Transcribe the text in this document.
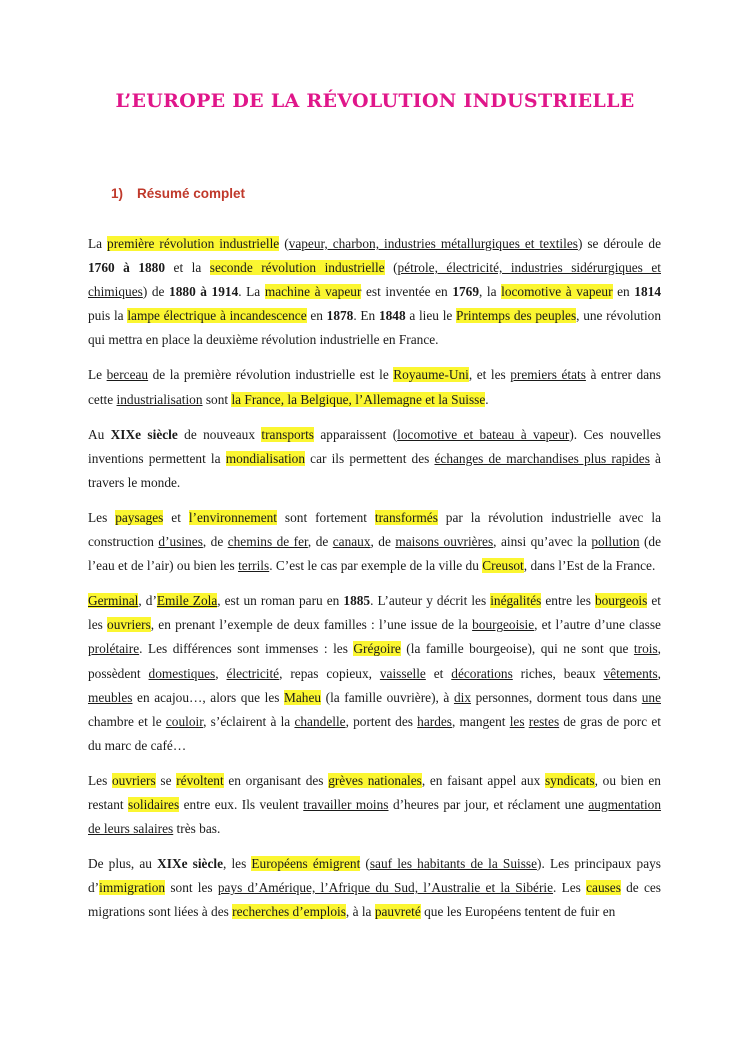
L’EUROPE DE LA RÉVOLUTION INDUSTRIELLE
1) Résumé complet

La première révolution industrielle (vapeur, charbon, industries métallurgiques et textiles) se déroule de 1760 à 1880 et la seconde révolution industrielle (pétrole, électricité, industries sidérurgiques et chimiques) de 1880 à 1914. La machine à vapeur est inventée en 1769, la locomotive à vapeur en 1814 puis la lampe électrique à incandescence en 1878. En 1848 a lieu le Printemps des peuples, une révolution qui mettra en place la deuxième révolution industrielle en France.

Le berceau de la première révolution industrielle est le Royaume-Uni, et les premiers états à entrer dans cette industrialisation sont la France, la Belgique, l’Allemagne et la Suisse.

Au XIXe siècle de nouveaux transports apparaissent (locomotive et bateau à vapeur). Ces nouvelles inventions permettent la mondialisation car ils permettent des échanges de marchandises plus rapides à travers le monde.

Les paysages et l’environnement sont fortement transformés par la révolution industrielle avec la construction d’usines, de chemins de fer, de canaux, de maisons ouvrières, ainsi qu’avec la pollution (de l’eau et de l’air) ou bien les terrils. C’est le cas par exemple de la ville du Creusot, dans l’Est de la France.

Germinal, d’Emile Zola, est un roman paru en 1885. L’auteur y décrit les inégalités entre les bourgeois et les ouvriers, en prenant l’exemple de deux familles : l’une issue de la bourgeoisie, et l’autre d’une classe prolétaire. Les différences sont immenses : les Grégoire (la famille bourgeoise), qui ne sont que trois, possèdent domestiques, électricité, repas copieux, vaisselle et décorations riches, beaux vêtements, meubles en acajou…, alors que les Maheu (la famille ouvrière), à dix personnes, dorment tous dans une chambre et le couloir, s’éclairent à la chandelle, portent des hardes, mangent les restes de gras de porc et du marc de café…

Les ouvriers se révoltent en organisant des grèves nationales, en faisant appel aux syndicats, ou bien en restant solidaires entre eux. Ils veulent travailler moins d’heures par jour, et réclament une augmentation de leurs salaires très bas.

De plus, au XIXe siècle, les Européens émigrent (sauf les habitants de la Suisse). Les principaux pays d’immigration sont les pays d’Amérique, l’Afrique du Sud, l’Australie et la Sibérie. Les causes de ces migrations sont liées à des recherches d’emplois, à la pauvreté que les Européens tentent de fuir en
